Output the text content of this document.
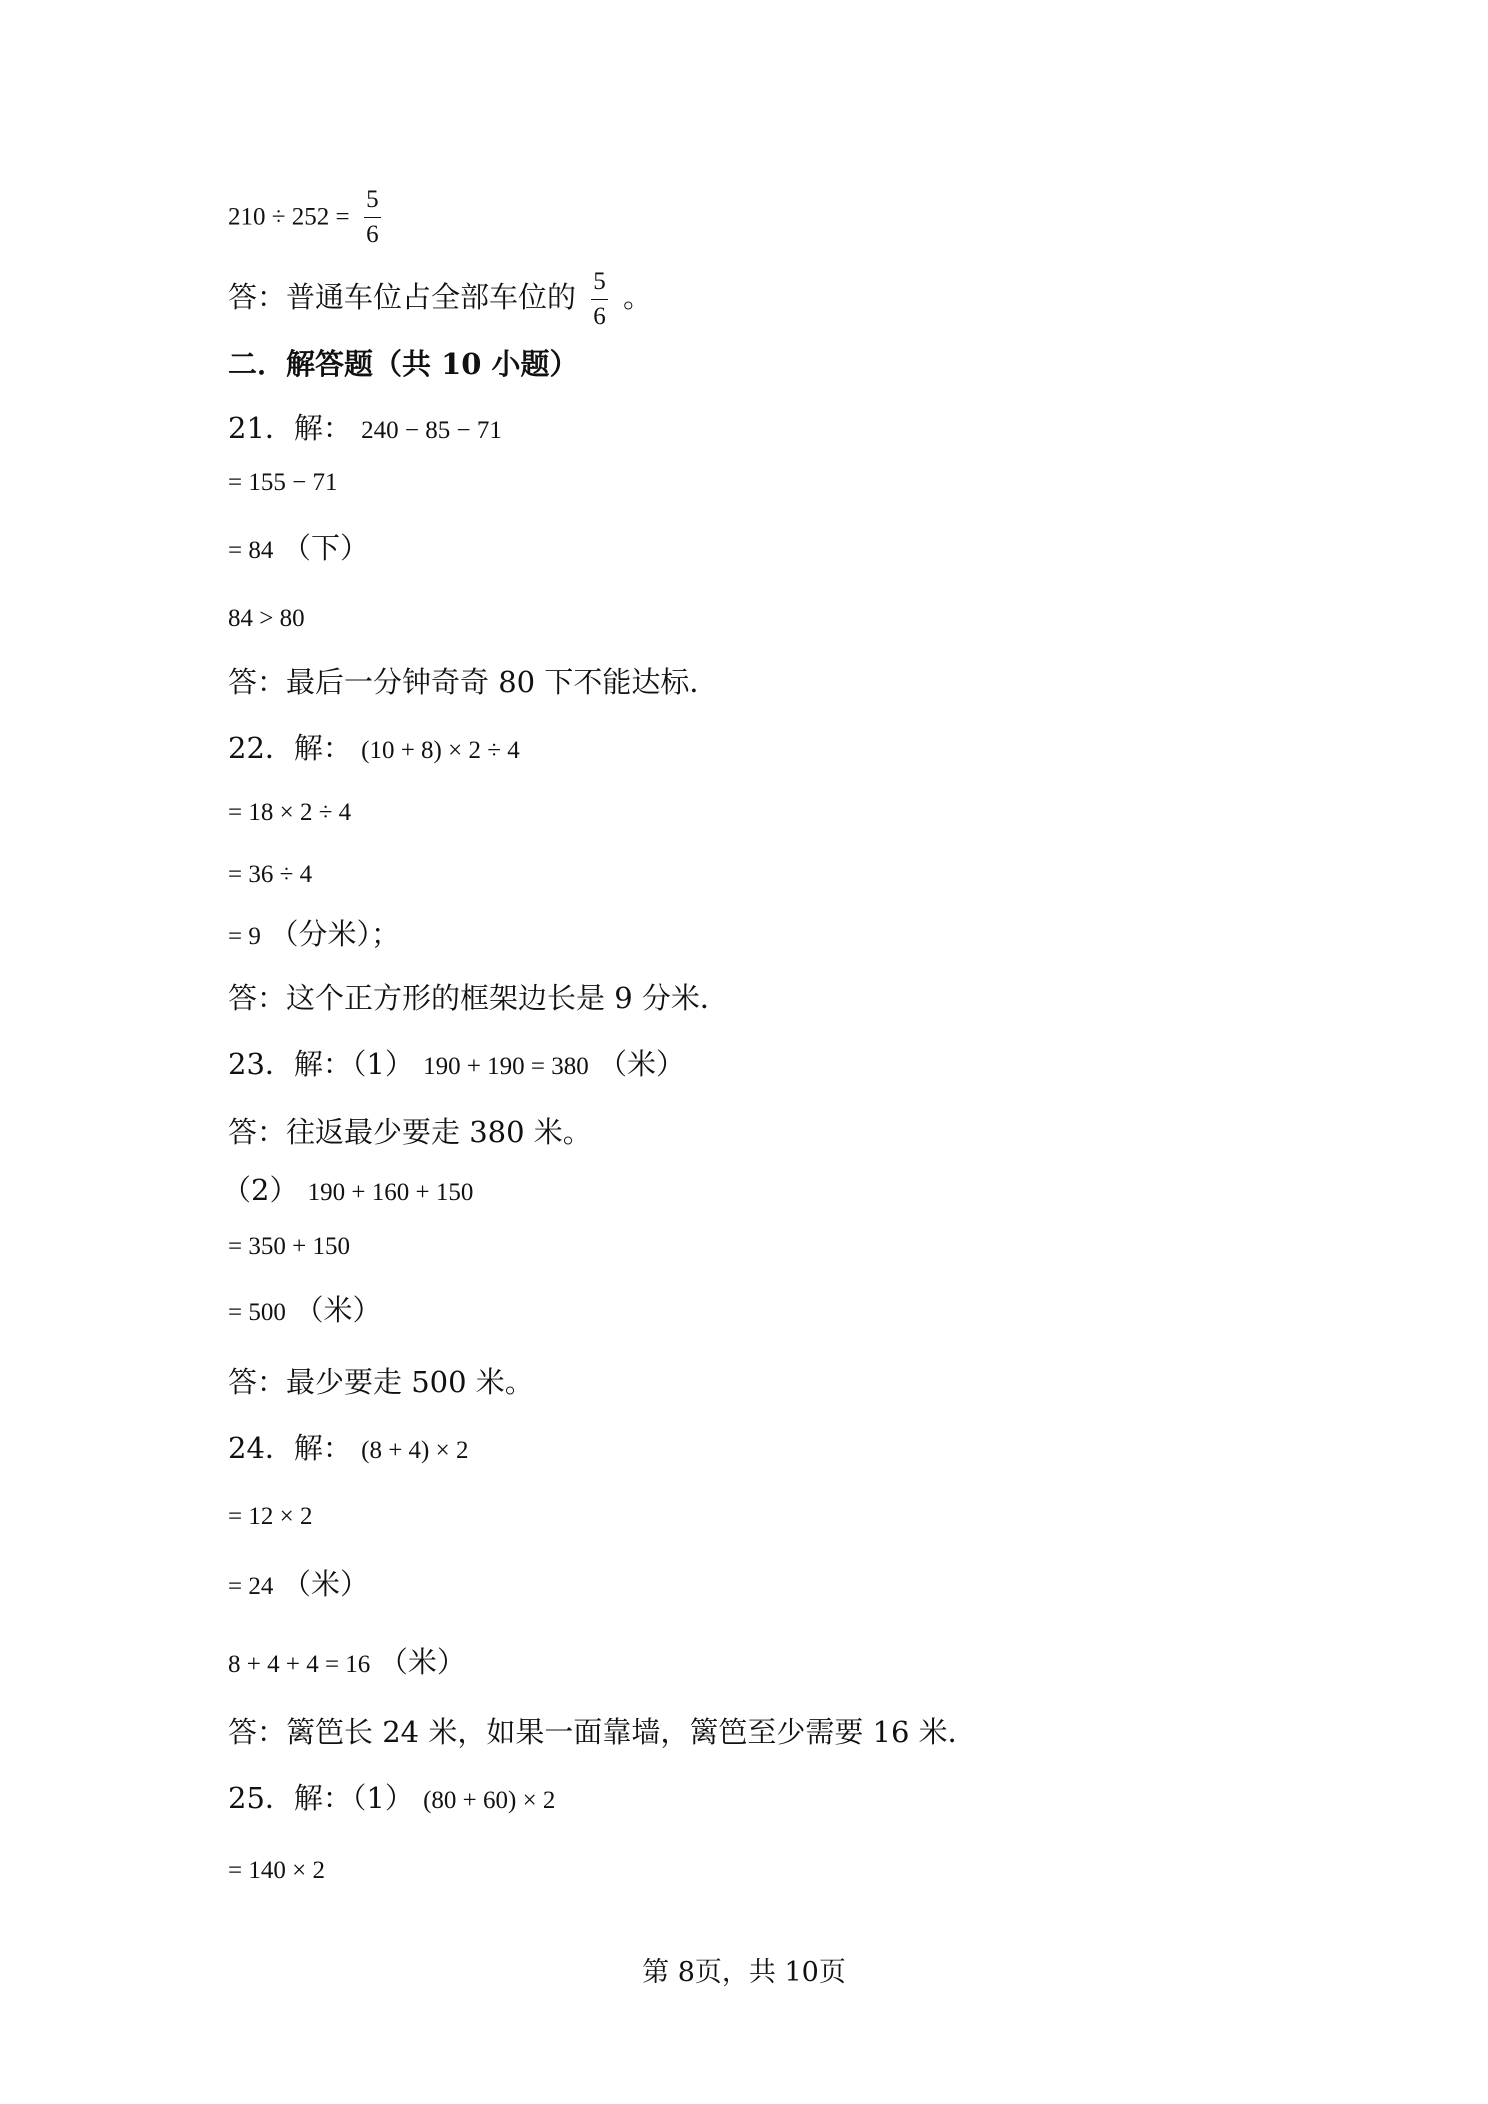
$210 \div 252 = \frac{5}{6}$
答：普通车位占全部车位的 $\frac{5}{6}$ 。
二．解答题（共 10 小题）
21．解： 240 − 85 − 71
= 155 − 71
= 84 （下）
84 > 80
答：最后一分钟奇奇 80 下不能达标．
22．解： (10 + 8) × 2 ÷ 4
= 18 × 2 ÷ 4
= 36 ÷ 4
= 9 （分米）；
答：这个正方形的框架边长是 9 分米．
23．解：（1） 190 + 190 = 380 （米）
答：往返最少要走 380 米。
（2） 190 + 160 + 150
= 350 + 150
= 500 （米）
答：最少要走 500 米。
24．解： (8 + 4) × 2
= 12 × 2
= 24 （米）
8 + 4 + 4 = 16 （米）
答：篱笆长 24 米，如果一面靠墙，篱笆至少需要 16 米．
25．解：（1） (80 + 60) × 2
= 140 × 2
第 8页，共 10页
